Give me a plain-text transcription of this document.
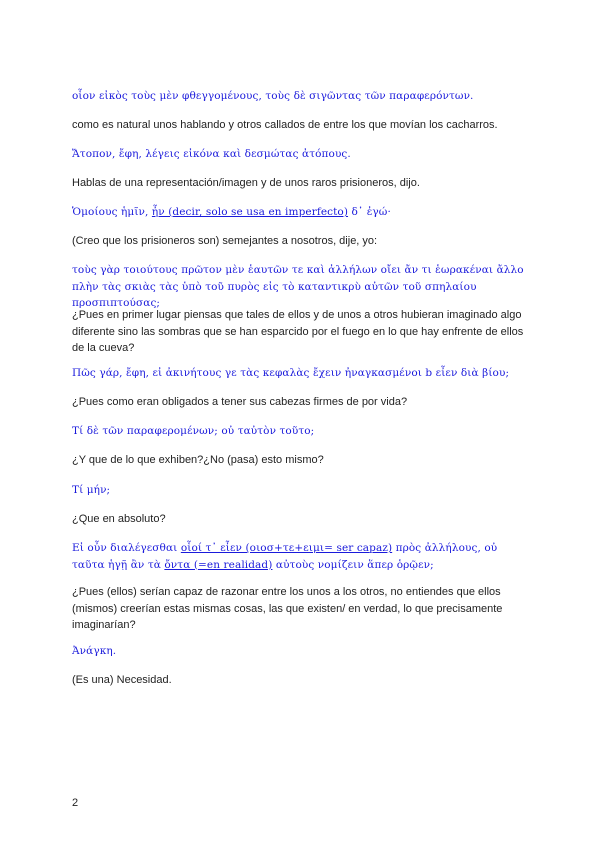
οἷον εἰκὸς τοὺς μὲν φθεγγομένους, τοὺς δὲ σιγῶντας τῶν παραφερόντων.
como es natural unos hablando y otros callados de entre los que movían los cacharros.
Ἄτοπον, ἔφη, λέγεις εἰκόνα καὶ δεσμώτας ἀτόπους.
Hablas de una representación/imagen y de unos raros prisioneros, dijo.
Ὁμοίους ἡμῖν, ἦν (decir, solo se usa en imperfecto) δ᾽ ἐγώ·
(Creo que los prisioneros son) semejantes a nosotros, dije, yo:
τοὺς γὰρ τοιούτους πρῶτον μὲν ἑαυτῶν τε καὶ ἀλλήλων οἴει ἄν τι ἑωρακέναι ἄλλο πλὴν τὰς σκιὰς τὰς ὑπὸ τοῦ πυρὸς εἰς τὸ καταντικρὺ αὐτῶν τοῦ σπηλαίου προσπιπτούσας;
¿Pues en primer lugar piensas que tales de ellos y de unos a otros hubieran imaginado algo diferente sino las sombras que se han esparcido por el fuego en lo que hay enfrente de ellos de la cueva?
Πῶς γάρ, ἔφη, εἰ ἀκινήτους γε τὰς κεφαλὰς ἔχειν ἠναγκασμένοι b εἶεν διὰ βίου;
¿Pues como eran obligados a tener sus cabezas firmes de por vida?
Τί δὲ τῶν παραφερομένων; οὐ ταὐτὸν τοῦτο;
¿Y que de lo que exhiben?¿No (pasa) esto mismo?
Τί μήν;
¿Que en absoluto?
Εἰ οὖν διαλέγεσθαι οἷοί τ᾽ εἶεν (οιοσ+τε+ειμι= ser capaz) πρὸς ἀλλήλους, οὐ ταῦτα ἡγῇ ἂν τὰ ὄντα (=en realidad) αὐτοὺς νομίζειν ἅπερ ὁρῷεν;
¿Pues (ellos) serían capaz de razonar entre los unos a los otros, no entiendes que ellos (mismos) creerían estas mismas cosas, las que existen/ en verdad, lo que precisamente imaginarían?
Ἀνάγκη.
(Es una) Necesidad.
2
